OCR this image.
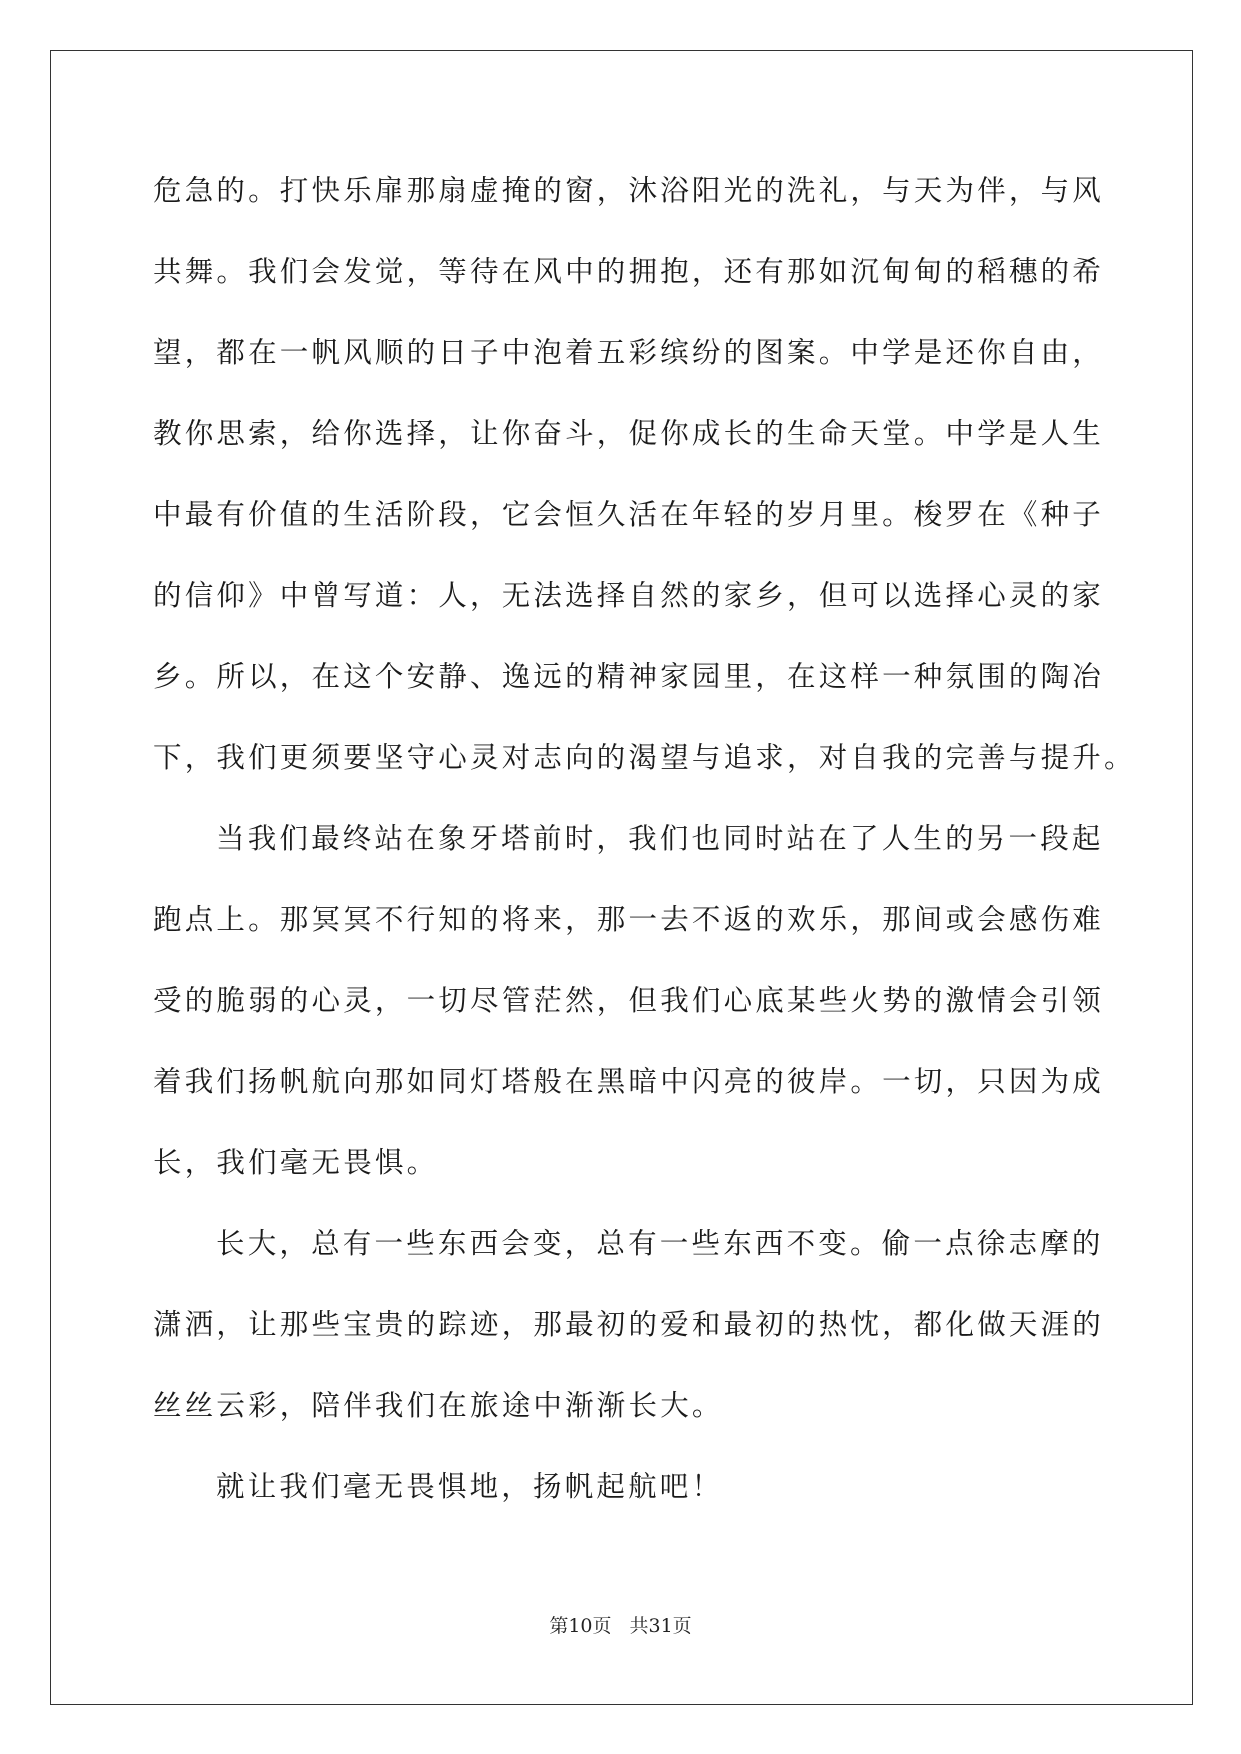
危急的。打快乐扉那扇虚掩的窗，沐浴阳光的洗礼，与天为伴，与风
共舞。我们会发觉，等待在风中的拥抱，还有那如沉甸甸的稻穗的希
望，都在一帆风顺的日子中泡着五彩缤纷的图案。中学是还你自由，
教你思索，给你选择，让你奋斗，促你成长的生命天堂。中学是人生
中最有价值的生活阶段，它会恒久活在年轻的岁月里。梭罗在《种子
的信仰》中曾写道：人，无法选择自然的家乡，但可以选择心灵的家
乡。所以，在这个安静、逸远的精神家园里，在这样一种氛围的陶冶
下，我们更须要坚守心灵对志向的渴望与追求，对自我的完善与提升。
当我们最终站在象牙塔前时，我们也同时站在了人生的另一段起
跑点上。那冥冥不行知的将来，那一去不返的欢乐，那间或会感伤难
受的脆弱的心灵，一切尽管茫然，但我们心底某些火势的激情会引领
着我们扬帆航向那如同灯塔般在黑暗中闪亮的彼岸。一切，只因为成
长，我们毫无畏惧。
长大，总有一些东西会变，总有一些东西不变。偷一点徐志摩的
潇洒，让那些宝贵的踪迹，那最初的爱和最初的热忱，都化做天涯的
丝丝云彩，陪伴我们在旅途中渐渐长大。
就让我们毫无畏惧地，扬帆起航吧！
第10页 共31页
